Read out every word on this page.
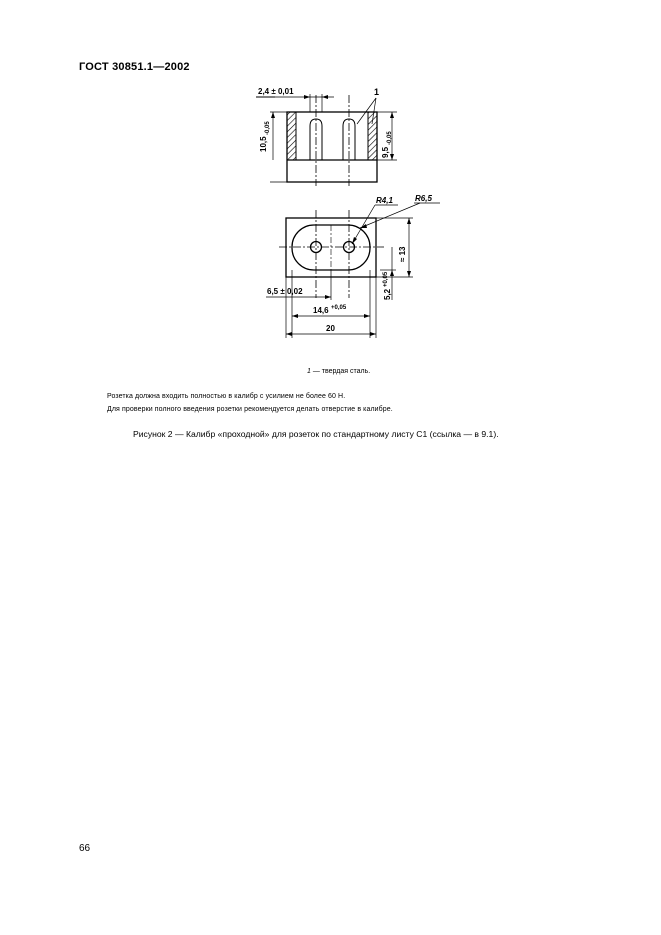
ГОСТ 30851.1—2002
2,4 ± 0,01	1
10,5
-0,05
9,5
-0,05
R4,1	R6,5
≈ 13
5,2
+0,05
6,5 ± 0,02
14,6 +0,05
20
1 — твердая сталь.
Розетка должна входить полностью в калибр с усилием не более 60 Н.
Для проверки полного введения розетки рекомендуется делать отверстие в калибре.
Рисунок 2 — Калибр «проходной» для розеток по стандартному листу С1 (ссылка — в 9.1).
66
